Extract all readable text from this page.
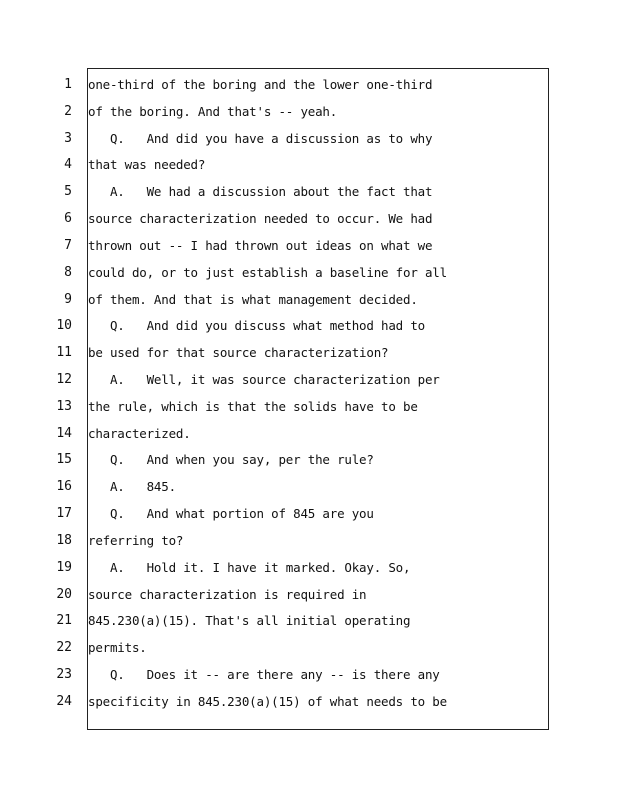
1
2
3
4
5
6
7
8
9
10
11
12
13
14
15
16
17
18
19
20
21
22
23
24
one-third of the boring and the lower one-third
of the boring. And that's -- yeah.
Q.   And did you have a discussion as to why
that was needed?
A.   We had a discussion about the fact that
source characterization needed to occur. We had
thrown out -- I had thrown out ideas on what we
could do, or to just establish a baseline for all
of them. And that is what management decided.
Q.   And did you discuss what method had to
be used for that source characterization?
A.   Well, it was source characterization per
the rule, which is that the solids have to be
characterized.
Q.   And when you say, per the rule?
A.   845.
Q.   And what portion of 845 are you
referring to?
A.   Hold it. I have it marked. Okay. So,
source characterization is required in
845.230(a)(15). That's all initial operating
permits.
Q.   Does it -- are there any -- is there any
specificity in 845.230(a)(15) of what needs to be
